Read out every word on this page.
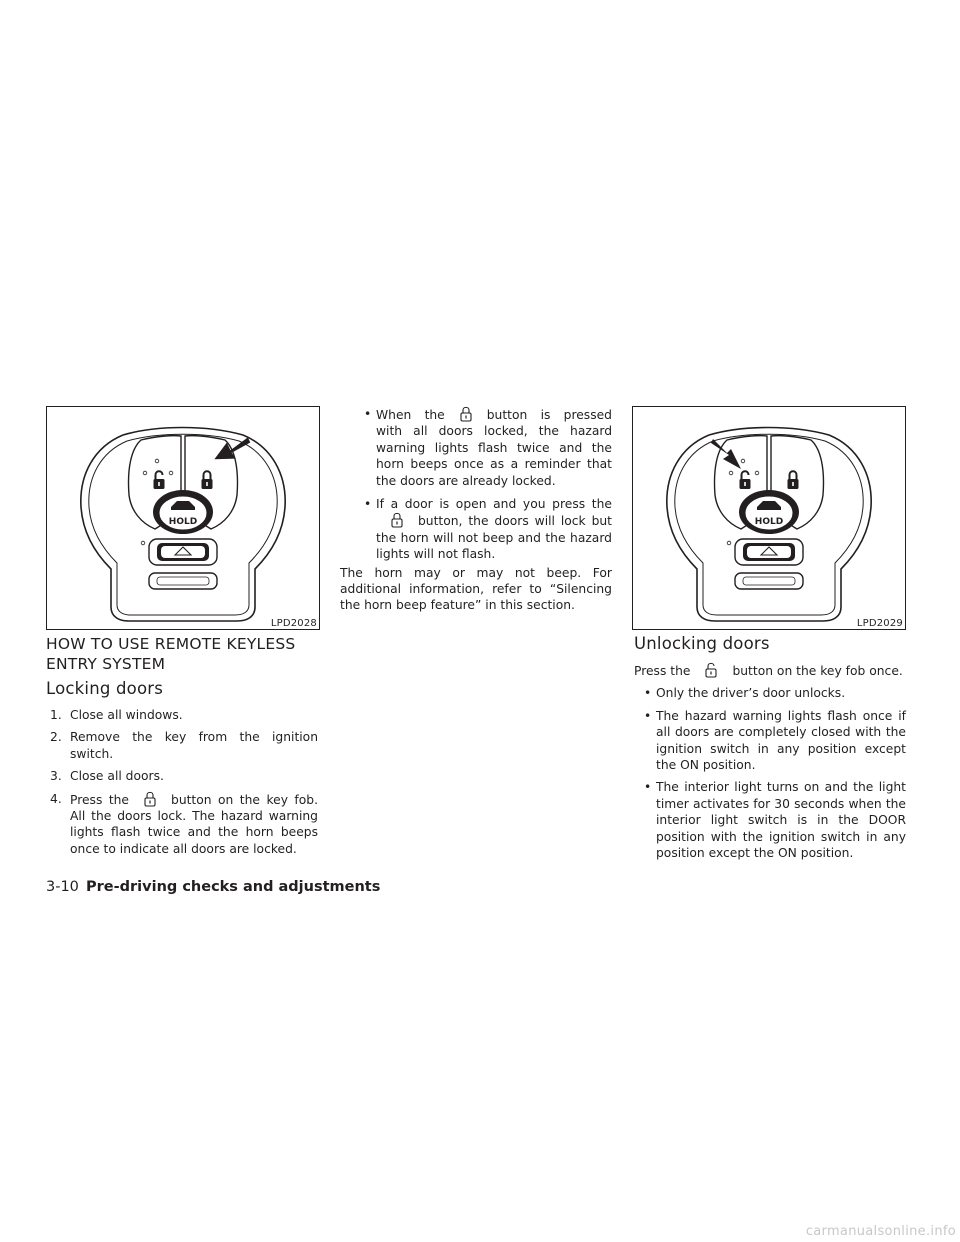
HOLD
LPD2028
HOLD
LPD2029
HOW TO USE REMOTE KEYLESS
ENTRY SYSTEM
Locking doors
1. Close all windows.
2. Remove the key from the ignition switch.
3. Close all doors.
4. Press the	button on the key fob. All the doors lock. The hazard warning lights flash twice and the horn beeps once to indicate all doors are locked.
• When the	button is pressed with all doors locked, the hazard warning lights flash twice and the horn beeps once as a reminder that the doors are already locked.
• If a door is open and you press the
button, the doors will lock but the horn will not beep and the hazard lights will not flash.
The horn may or may not beep. For additional information, refer to “Silencing the horn beep feature” in this section.
Unlocking doors
Press the	button on the key fob once.
• Only the driver’s door unlocks.
• The hazard warning lights flash once if all doors are completely closed with the ignition switch in any position except the ON position.
• The interior light turns on and the light timer activates for 30 seconds when the interior light switch is in the DOOR position with the ignition switch in any position except the ON position.
3-10 Pre-driving checks and adjustments
carmanualsonline.info
